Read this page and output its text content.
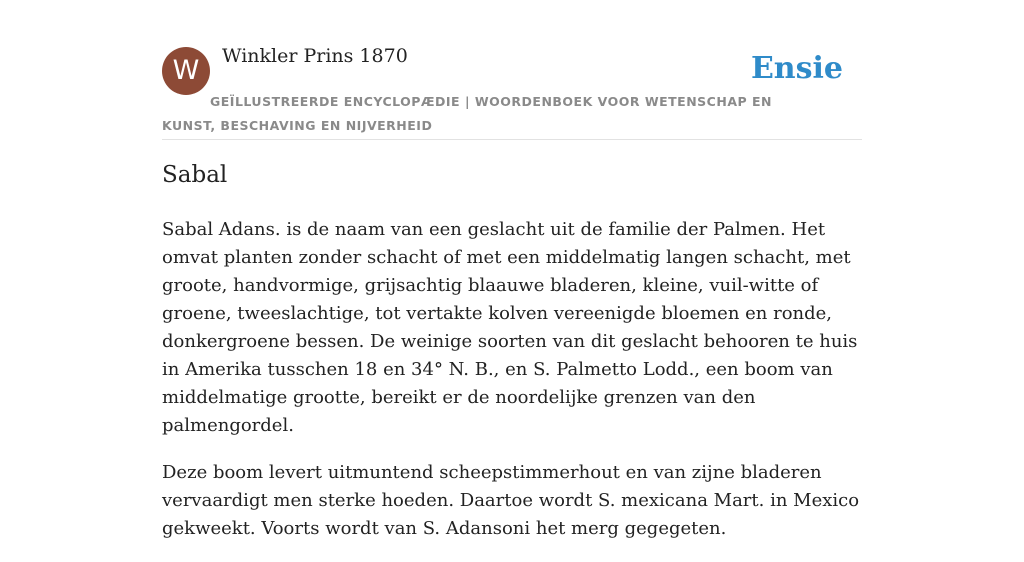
W	Winkler Prins 1870	Ensie
GEÏLLUSTREERDE ENCYCLOPÆDIE | WOORDENBOEK VOOR WETENSCHAP EN KUNST, BESCHAVING EN NIJVERHEID
Sabal

Sabal Adans. is de naam van een geslacht uit de familie der Palmen. Het omvat planten zonder schacht of met een middelmatig langen schacht, met groote, handvormige, grijsachtig blaauwe bladeren, kleine, vuil-witte of groene, tweeslachtige, tot vertakte kolven vereenigde bloemen en ronde, donkergroene bessen. De weinige soorten van dit geslacht behooren te huis in Amerika tusschen 18 en 34° N. B., en S. Palmetto Lodd., een boom van middelmatige grootte, bereikt er de noordelijke grenzen van den palmengordel.

Deze boom levert uitmuntend scheepstimmerhout en van zijne bladeren vervaardigt men sterke hoeden. Daartoe wordt S. mexicana Mart. in Mexico gekweekt. Voorts wordt van S. Adansoni het merg gegegeten.
